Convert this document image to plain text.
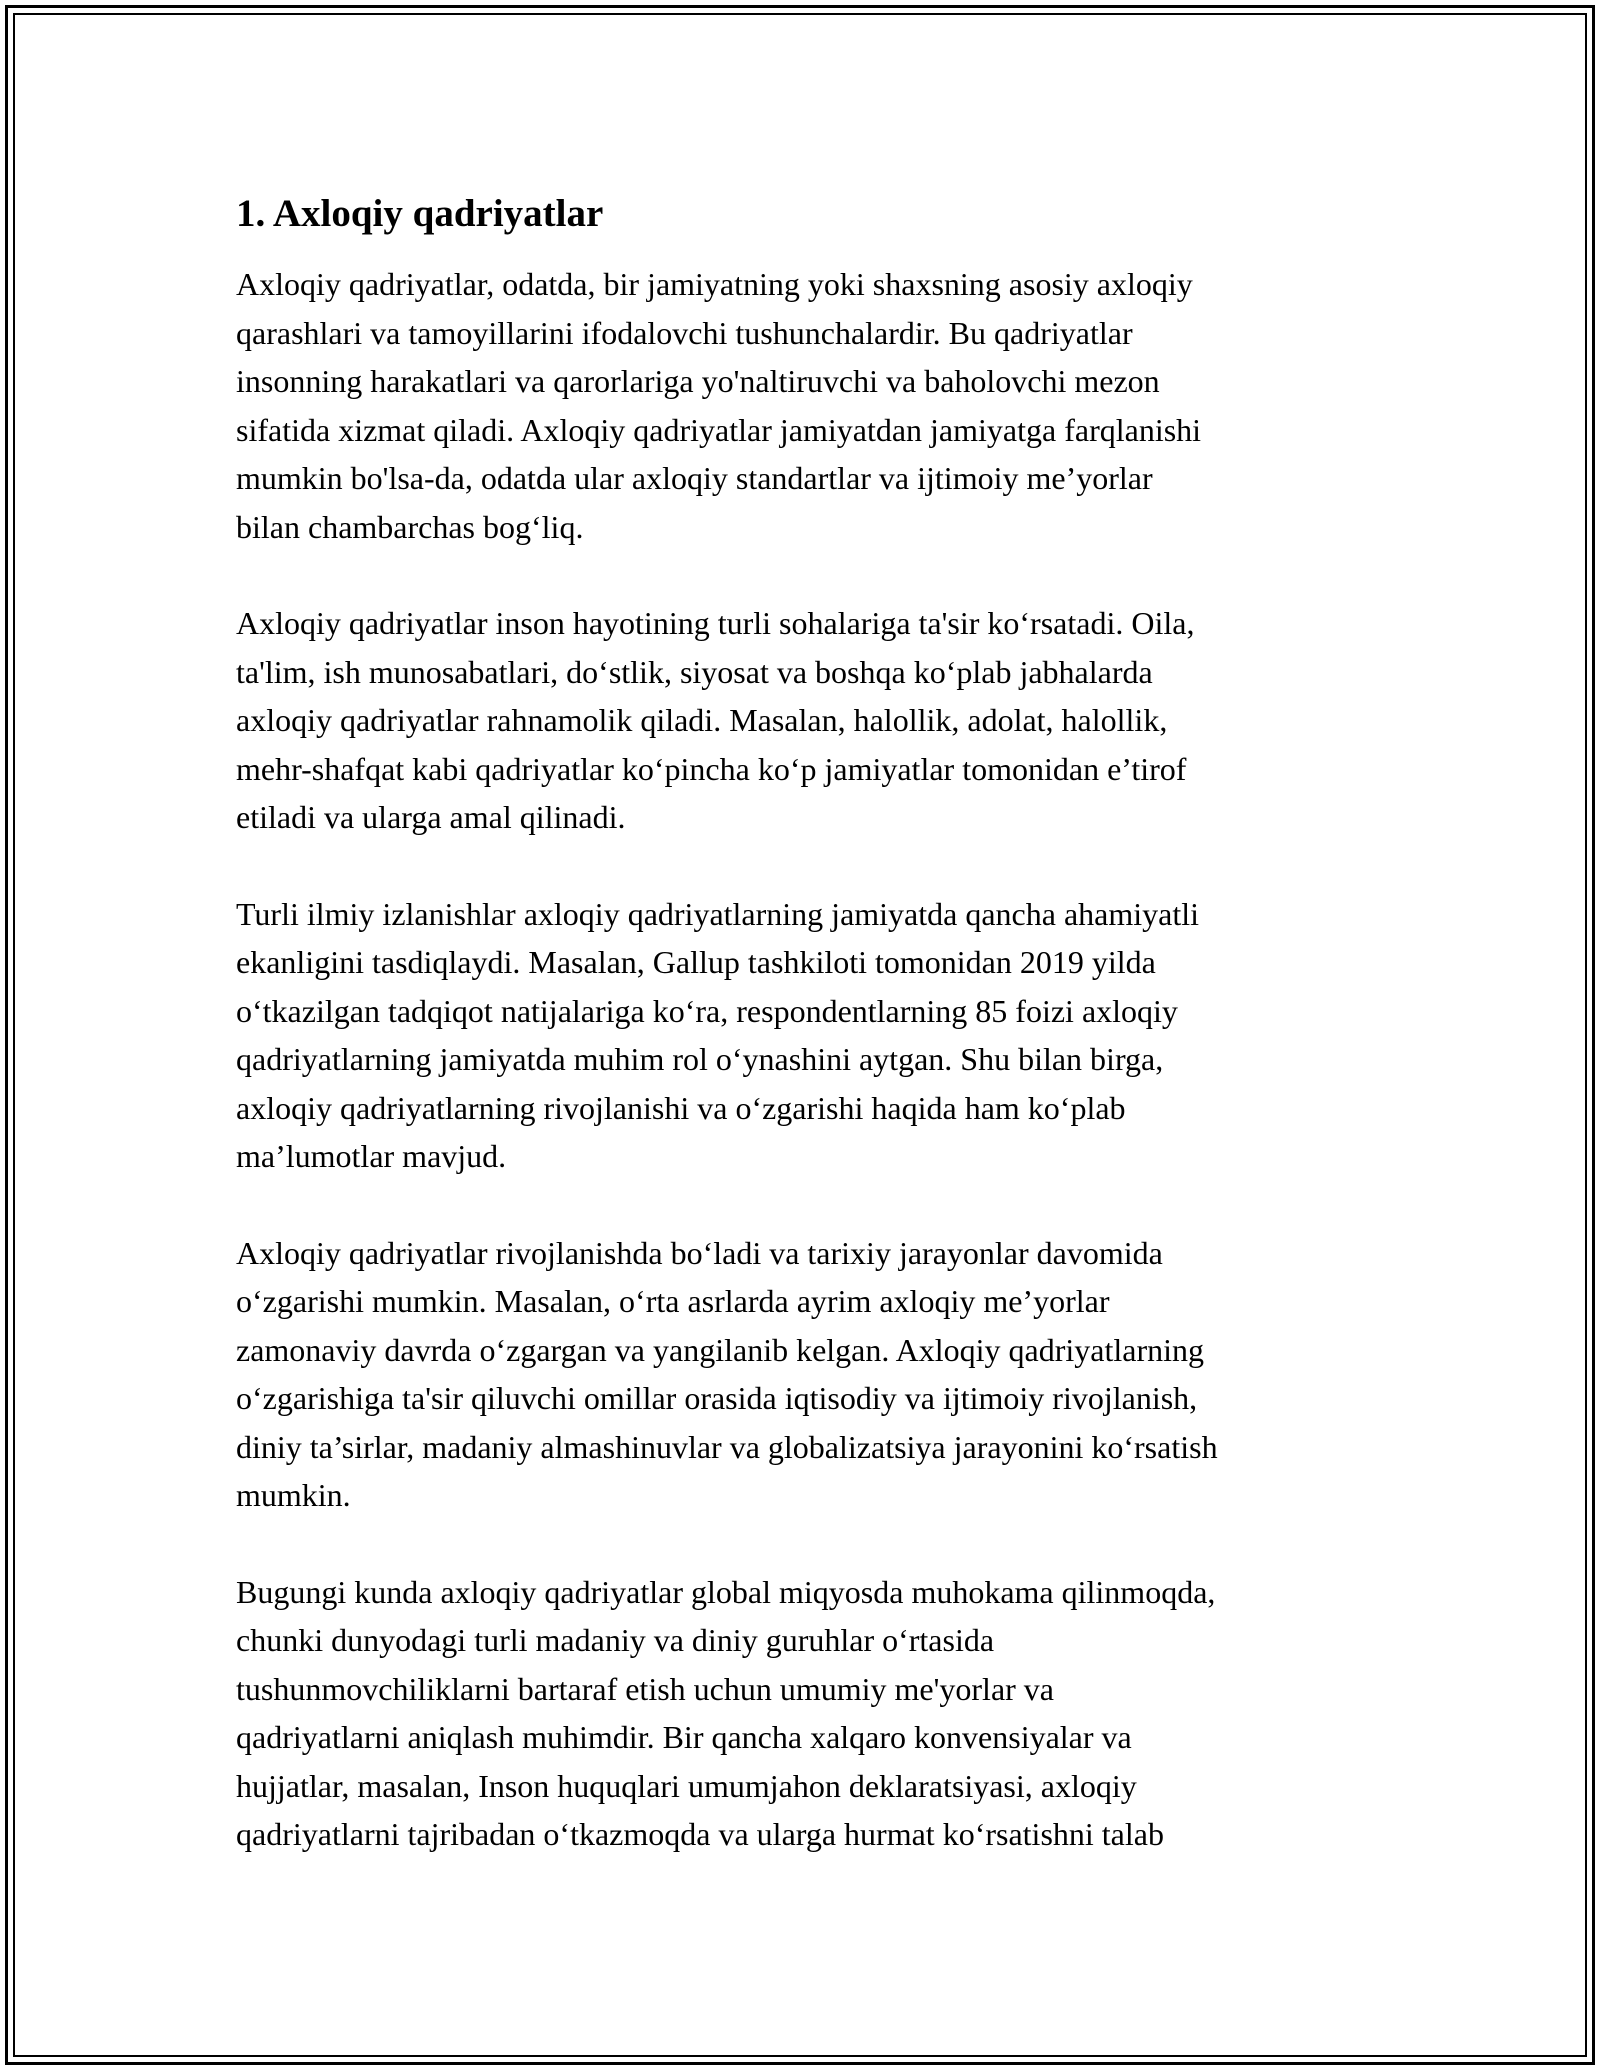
1. Axloqiy qadriyatlar

Axloqiy qadriyatlar, odatda, bir jamiyatning yoki shaxsning asosiy axloqiy
qarashlari va tamoyillarini ifodalovchi tushunchalardir. Bu qadriyatlar
insonning harakatlari va qarorlariga yo'naltiruvchi va baholovchi mezon
sifatida xizmat qiladi. Axloqiy qadriyatlar jamiyatdan jamiyatga farqlanishi
mumkin bo'lsa-da, odatda ular axloqiy standartlar va ijtimoiy me’yorlar
bilan chambarchas bog‘liq.

Axloqiy qadriyatlar inson hayotining turli sohalariga ta'sir ko‘rsatadi. Oila,
ta'lim, ish munosabatlari, do‘stlik, siyosat va boshqa ko‘plab jabhalarda
axloqiy qadriyatlar rahnamolik qiladi. Masalan, halollik, adolat, halollik,
mehr-shafqat kabi qadriyatlar ko‘pincha ko‘p jamiyatlar tomonidan e’tirof
etiladi va ularga amal qilinadi.

Turli ilmiy izlanishlar axloqiy qadriyatlarning jamiyatda qancha ahamiyatli
ekanligini tasdiqlaydi. Masalan, Gallup tashkiloti tomonidan 2019 yilda
o‘tkazilgan tadqiqot natijalariga ko‘ra, respondentlarning 85 foizi axloqiy
qadriyatlarning jamiyatda muhim rol o‘ynashini aytgan. Shu bilan birga,
axloqiy qadriyatlarning rivojlanishi va o‘zgarishi haqida ham ko‘plab
ma’lumotlar mavjud.

Axloqiy qadriyatlar rivojlanishda bo‘ladi va tarixiy jarayonlar davomida
o‘zgarishi mumkin. Masalan, o‘rta asrlarda ayrim axloqiy me’yorlar
zamonaviy davrda o‘zgargan va yangilanib kelgan. Axloqiy qadriyatlarning
o‘zgarishiga ta'sir qiluvchi omillar orasida iqtisodiy va ijtimoiy rivojlanish,
diniy ta’sirlar, madaniy almashinuvlar va globalizatsiya jarayonini ko‘rsatish
mumkin.

Bugungi kunda axloqiy qadriyatlar global miqyosda muhokama qilinmoqda,
chunki dunyodagi turli madaniy va diniy guruhlar o‘rtasida
tushunmovchiliklarni bartaraf etish uchun umumiy me'yorlar va
qadriyatlarni aniqlash muhimdir. Bir qancha xalqaro konvensiyalar va
hujjatlar, masalan, Inson huquqlari umumjahon deklaratsiyasi, axloqiy
qadriyatlarni tajribadan o‘tkazmoqda va ularga hurmat ko‘rsatishni talab
